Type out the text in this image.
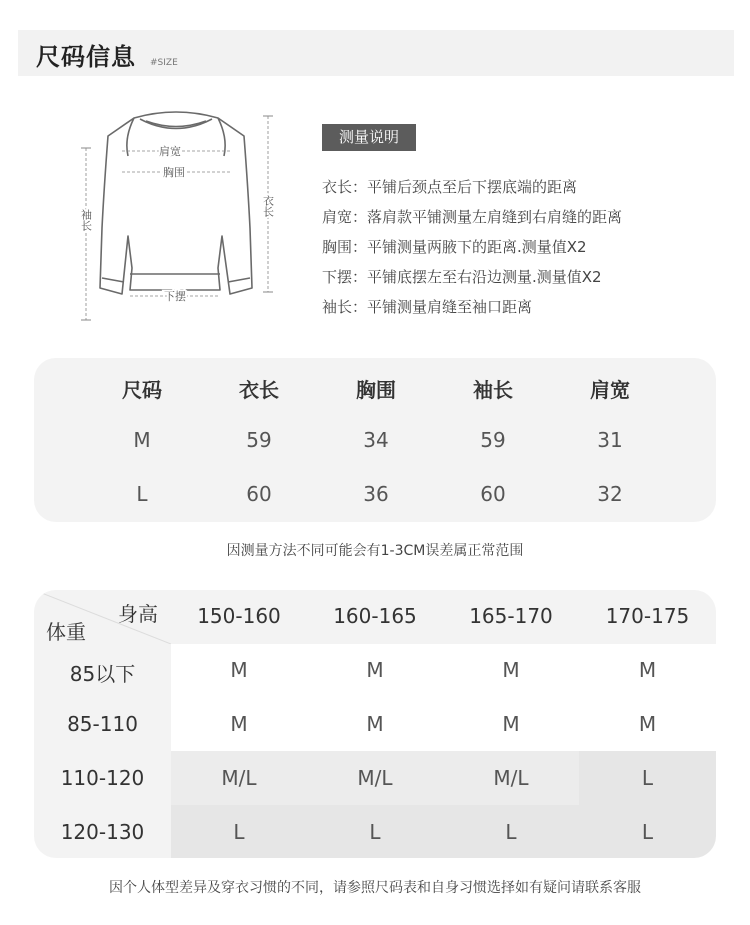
尺码信息 #SIZE
肩宽
胸围
下摆
衣长
袖长
测量说明
衣长：平铺后颈点至后下摆底端的距离
肩宽：落肩款平铺测量左肩缝到右肩缝的距离
胸围：平铺测量两腋下的距离.测量值X2
下摆：平铺底摆左至右沿边测量.测量值X2
袖长：平铺测量肩缝至袖口距离
尺码	衣长	胸围	袖长	肩宽
M	59	34	59	31
L	60	36	60	32
因测量方法不同可能会有1-3CM误差属正常范围
身高
体重
150-160	160-165	165-170	170-175
85以下	M	M	M	M
85-110	M	M	M	M
110-120	M/L	M/L	M/L	L
120-130	L	L	L	L
因个人体型差异及穿衣习惯的不同，请参照尺码表和自身习惯选择如有疑问请联系客服
